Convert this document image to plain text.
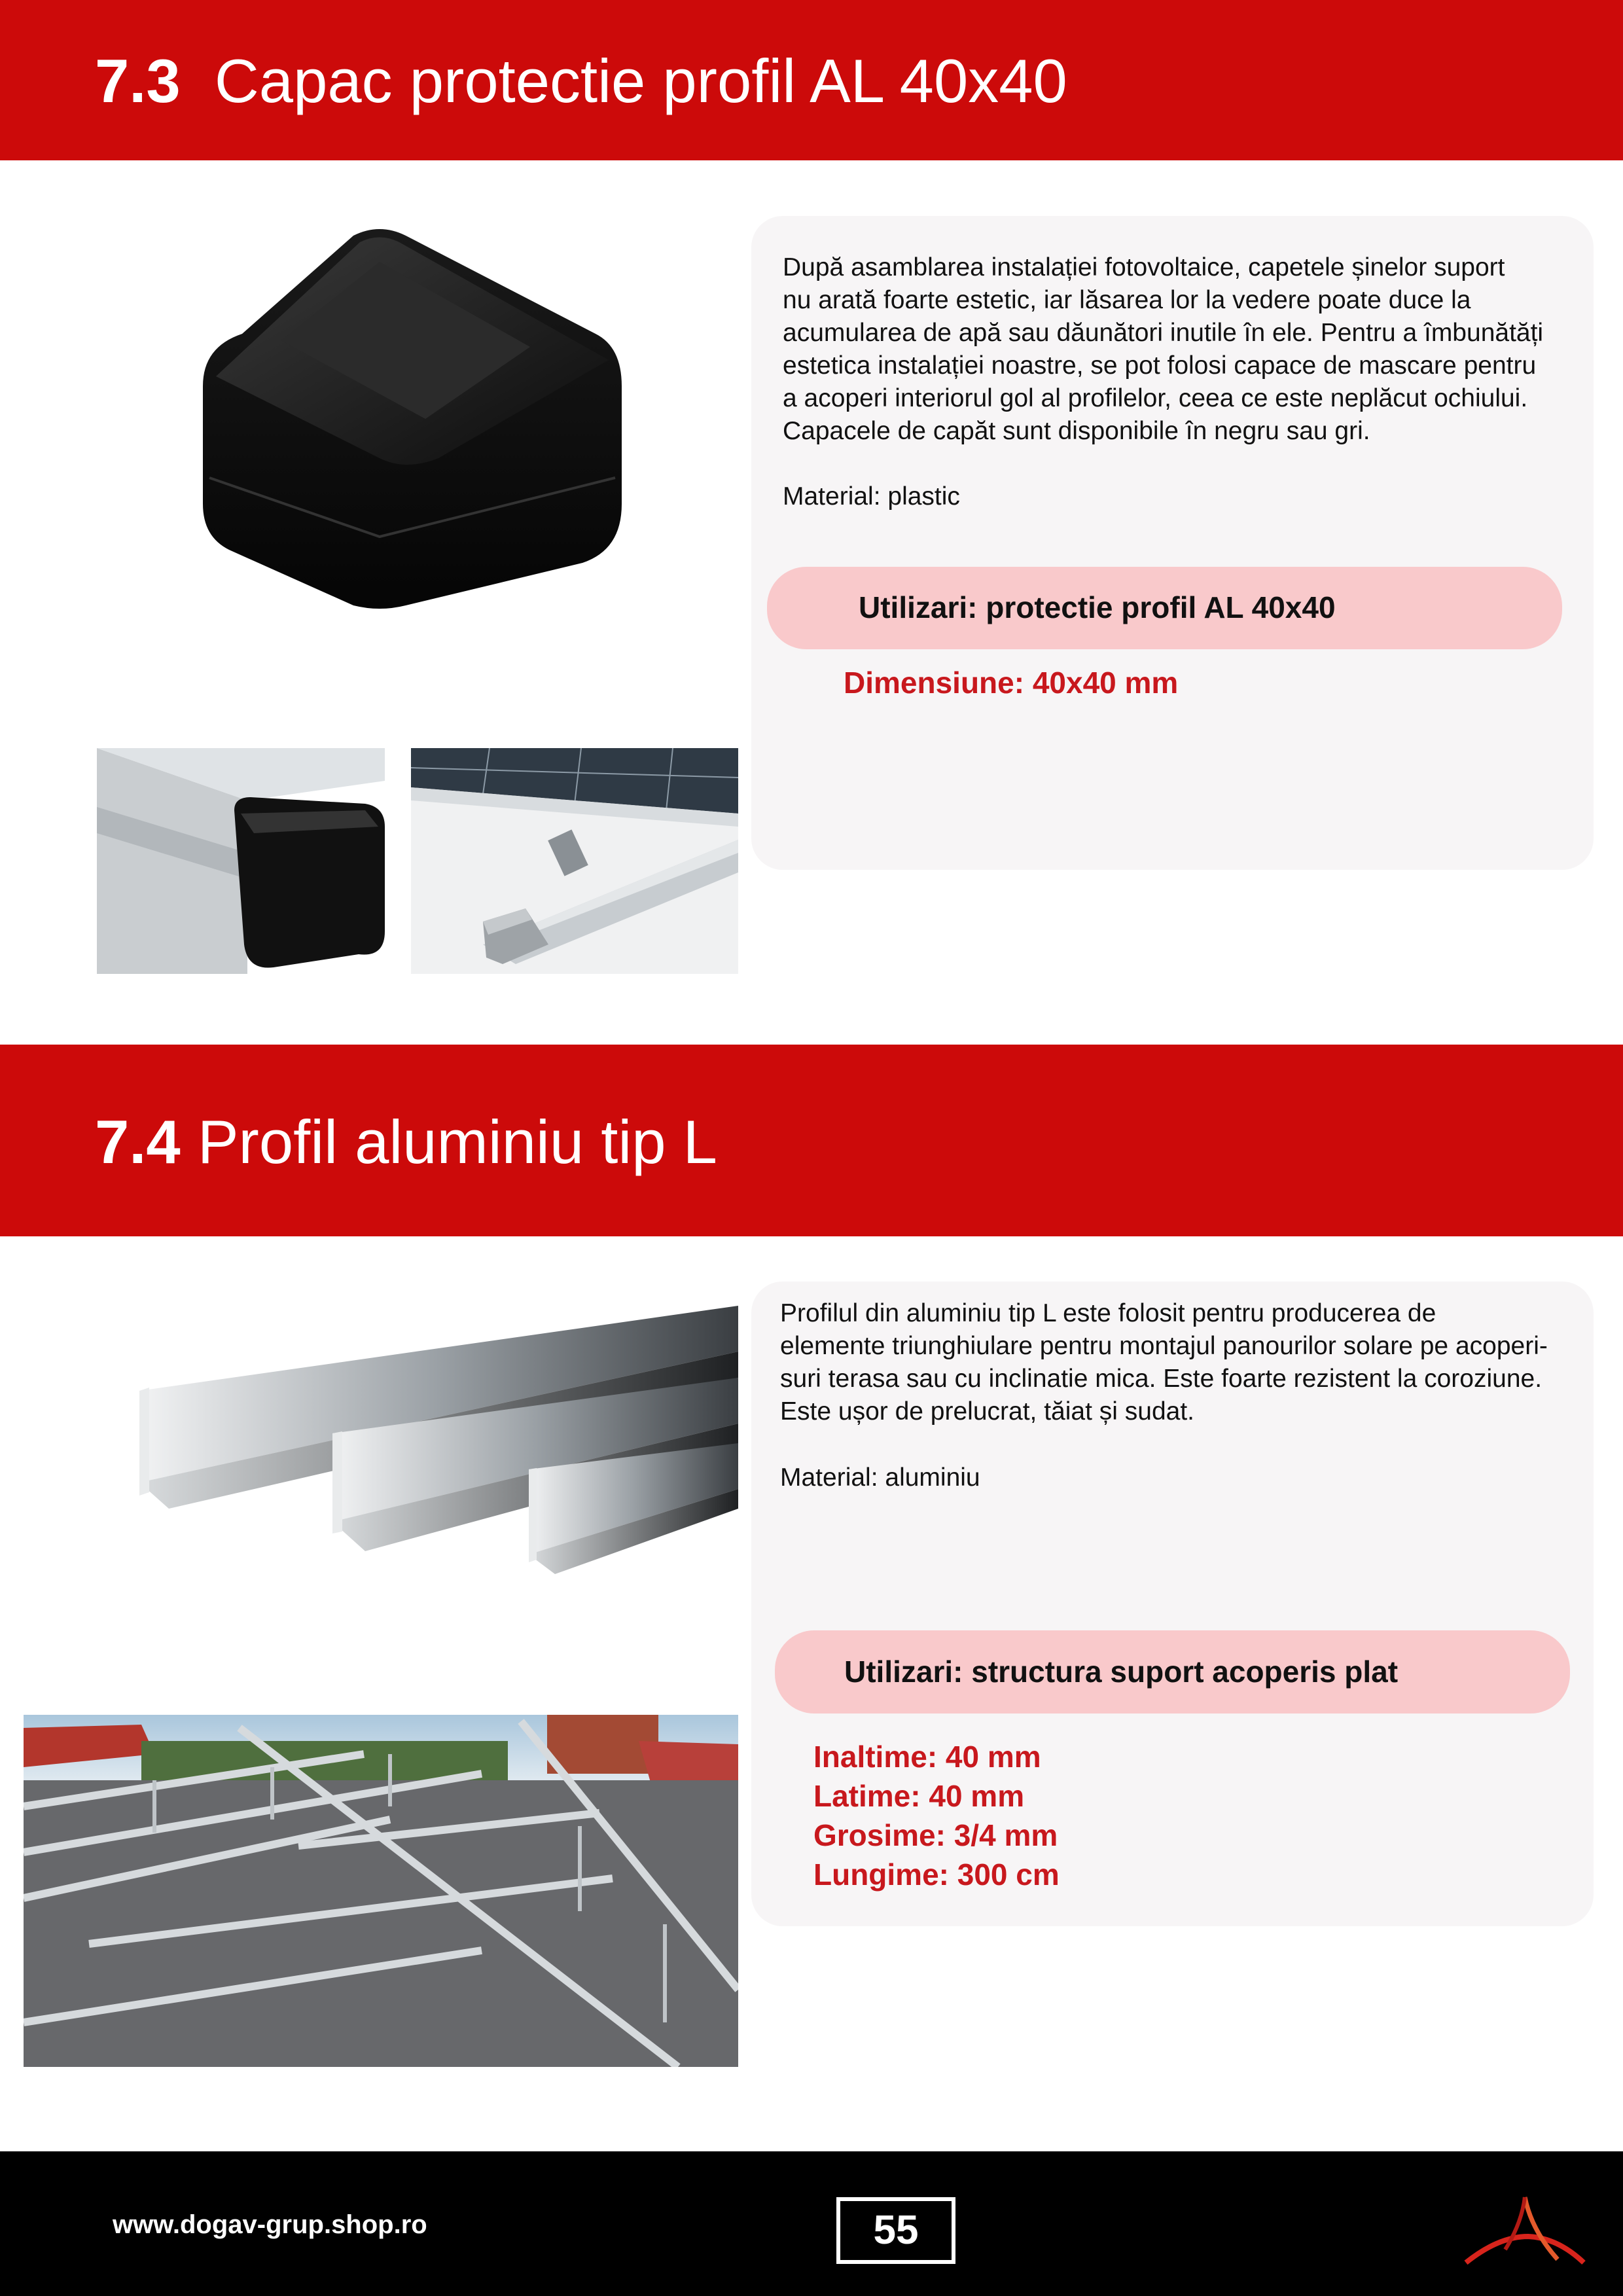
7.3 Capac protectie profil AL 40x40
După asamblarea instalației fotovoltaice, capetele șinelor suport
nu arată foarte estetic, iar lăsarea lor la vedere poate duce la
acumularea de apă sau dăunători inutile în ele. Pentru a îmbunătăți
estetica instalației noastre, se pot folosi capace de mascare pentru
a acoperi interiorul gol al profilelor, ceea ce este neplăcut ochiului.
Capacele de capăt sunt disponibile în negru sau gri.
Material: plastic
Utilizari: protectie profil AL 40x40
Dimensiune: 40x40 mm
7.4 Profil aluminiu tip L
Profilul din aluminiu tip L este folosit pentru producerea de
elemente triunghiulare pentru montajul panourilor solare pe acoperi-
suri terasa sau cu inclinatie mica. Este foarte rezistent la coroziune.
Este ușor de prelucrat, tăiat și sudat.
Material: aluminiu
Utilizari: structura suport acoperis plat
Inaltime: 40 mm
Latime: 40 mm
Grosime: 3/4 mm
Lungime: 300 cm
www.dogav-grup.shop.ro	55
